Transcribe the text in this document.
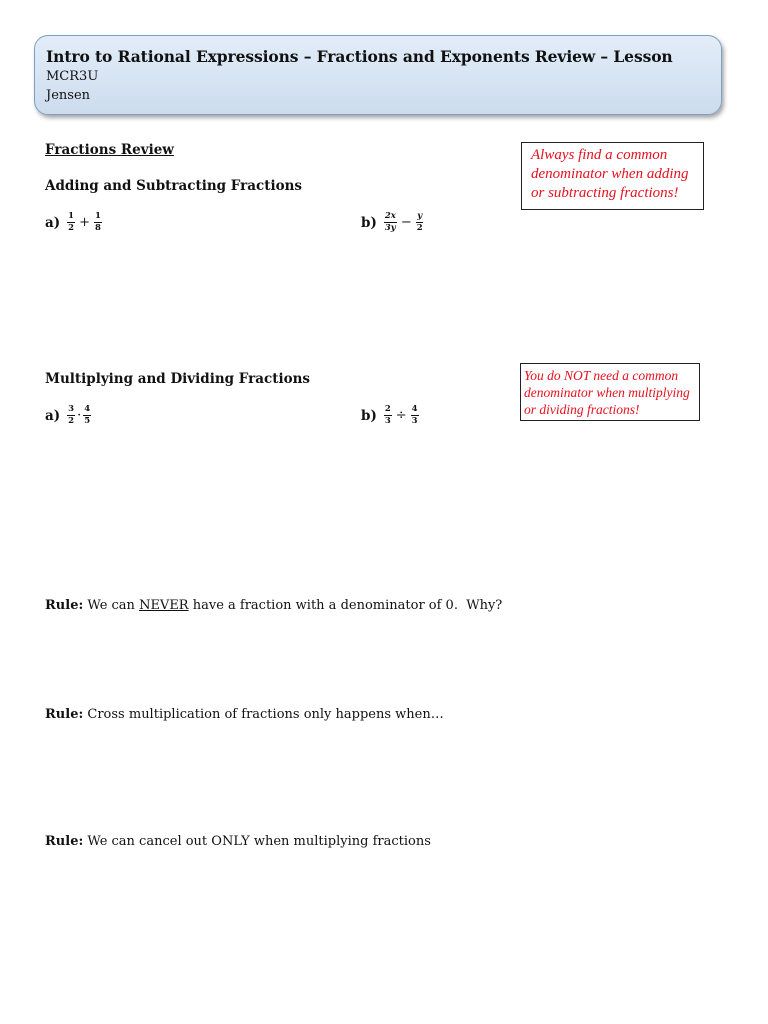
Intro to Rational Expressions – Fractions and Exponents Review – Lesson
MCR3U
Jensen
Fractions Review
Adding and Subtracting Fractions
$a) \frac{1}{2} + \frac{1}{8}$	$b) \frac{2x}{3y} - \frac{y}{2}$
Always find a common
denominator when adding
or subtracting fractions!
Multiplying and Dividing Fractions
$a) \frac{3}{2} \cdot \frac{4}{5}$	$b) \frac{2}{3} \div \frac{4}{3}$
You do NOT need a common
denominator when multiplying
or dividing fractions!
Rule: We can NEVER have a fraction with a denominator of 0.  Why?
Rule: Cross multiplication of fractions only happens when…
Rule: We can cancel out ONLY when multiplying fractions
